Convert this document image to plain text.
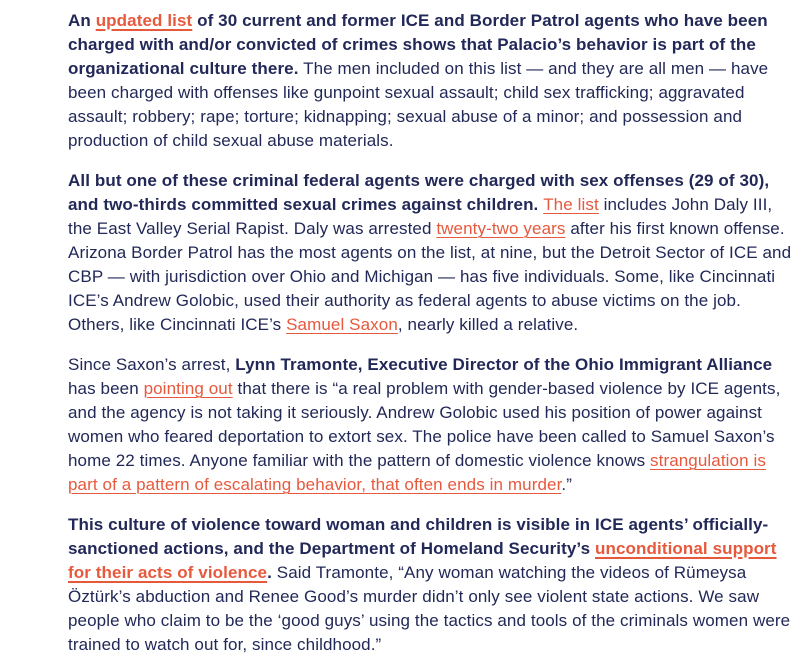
An updated list of 30 current and former ICE and Border Patrol agents who have been charged with and/or convicted of crimes shows that Palacio’s behavior is part of the organizational culture there. The men included on this list — and they are all men — have been charged with offenses like gunpoint sexual assault; child sex trafficking; aggravated assault; robbery; rape; torture; kidnapping; sexual abuse of a minor; and possession and production of child sexual abuse materials.

All but one of these criminal federal agents were charged with sex offenses (29 of 30), and two-thirds committed sexual crimes against children. The list includes John Daly III, the East Valley Serial Rapist. Daly was arrested twenty-two years after his first known offense. Arizona Border Patrol has the most agents on the list, at nine, but the Detroit Sector of ICE and CBP — with jurisdiction over Ohio and Michigan — has five individuals. Some, like Cincinnati ICE’s Andrew Golobic, used their authority as federal agents to abuse victims on the job. Others, like Cincinnati ICE’s Samuel Saxon, nearly killed a relative.

Since Saxon’s arrest, Lynn Tramonte, Executive Director of the Ohio Immigrant Alliance has been pointing out that there is “a real problem with gender-based violence by ICE agents, and the agency is not taking it seriously. Andrew Golobic used his position of power against women who feared deportation to extort sex. The police have been called to Samuel Saxon’s home 22 times. Anyone familiar with the pattern of domestic violence knows strangulation is part of a pattern of escalating behavior, that often ends in murder.”

This culture of violence toward woman and children is visible in ICE agents’ officially-sanctioned actions, and the Department of Homeland Security’s unconditional support for their acts of violence. Said Tramonte, “Any woman watching the videos of Rümeysa Öztürk’s abduction and Renee Good’s murder didn’t only see violent state actions. We saw people who claim to be the ‘good guys’ using the tactics and tools of the criminals women were trained to watch out for, since childhood.”
